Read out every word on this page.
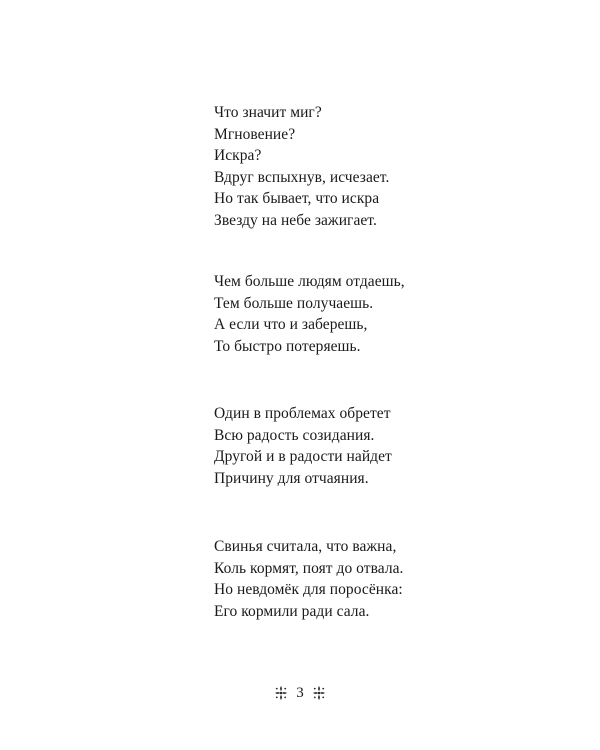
Что значит миг?
Мгновение?
Искра?
Вдруг вспыхнув, исчезает.
Но так бывает, что искра
Звезду на небе зажигает.
Чем больше людям отдаешь,
Тем больше получаешь.
А если что и заберешь,
То быстро потеряешь.
Один в проблемах обретет
Всю радость созидания.
Другой и в радости найдет
Причину для отчаяния.
Свинья считала, что важна,
Коль кормят, поят до отвала.
Но невдомёк для поросёнка:
Его кормили ради сала.
3
